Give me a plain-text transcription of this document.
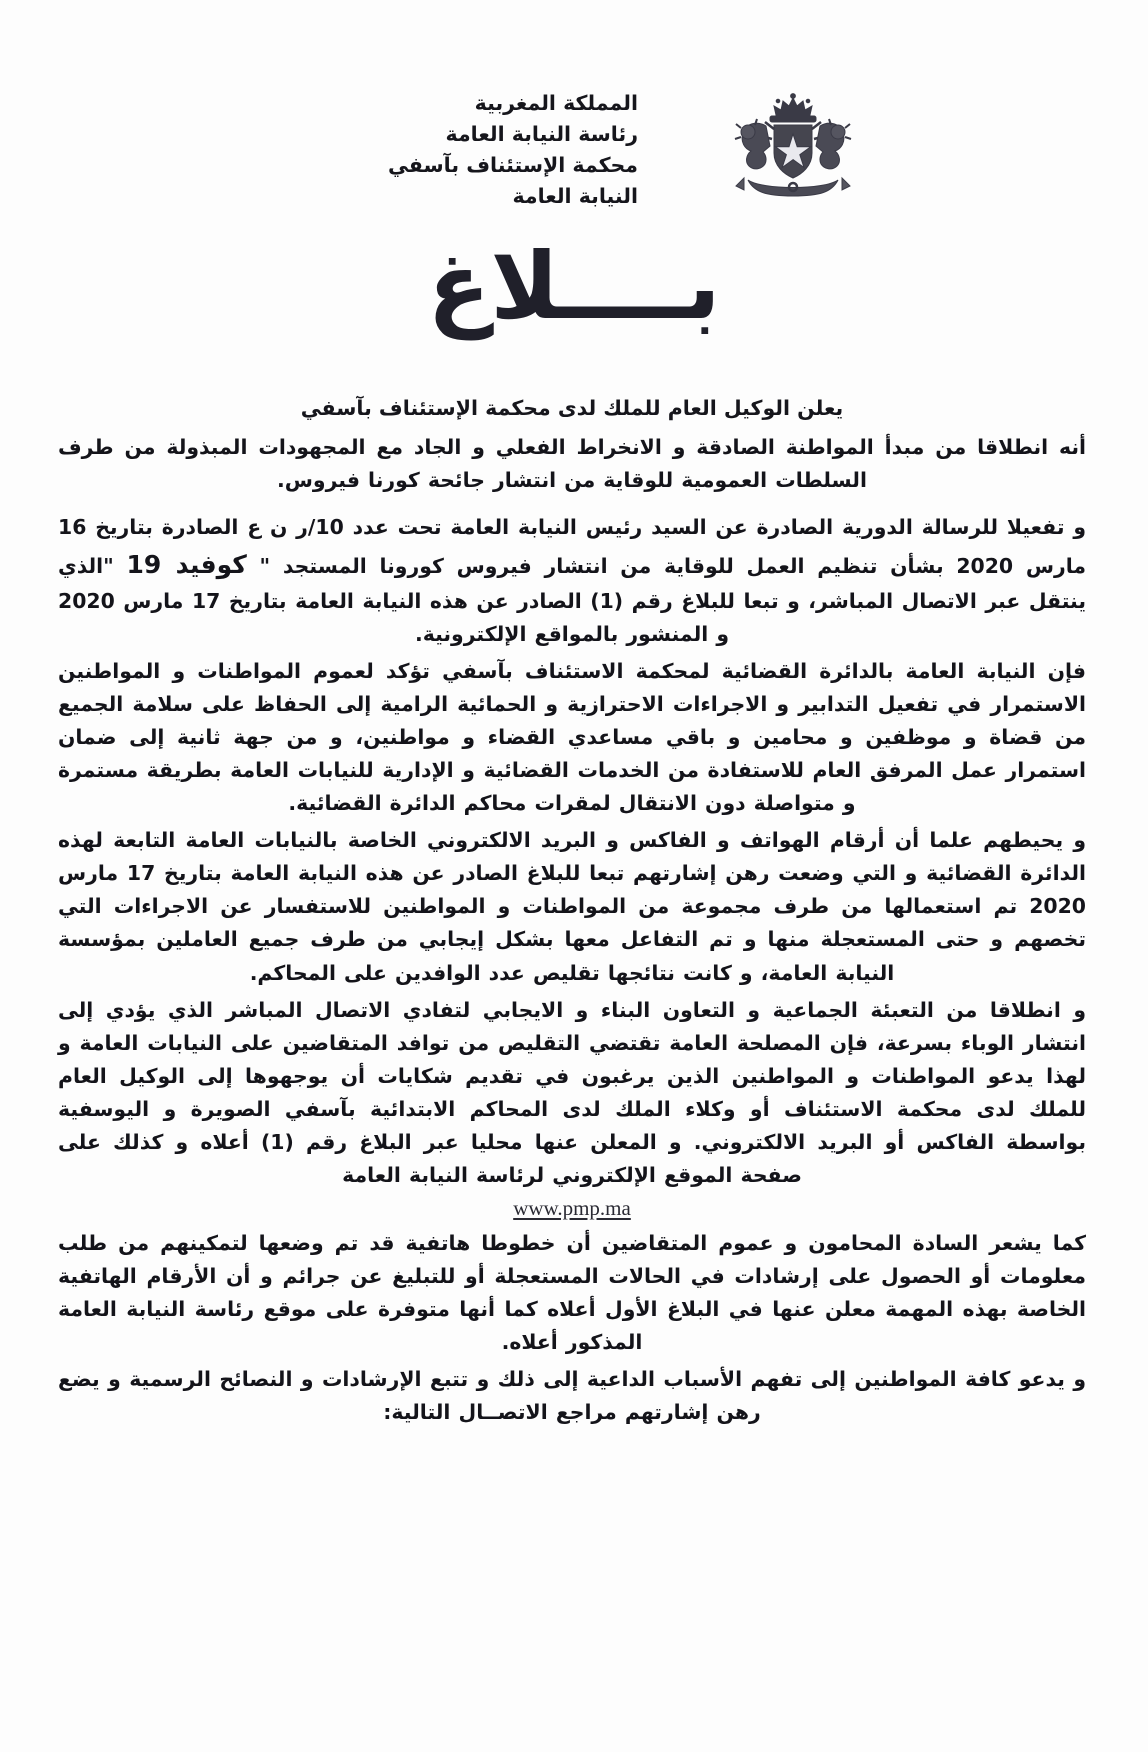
المملكة المغربية
رئاسة النيابة العامة
محكمة الإستئناف بآسفي
النيابة العامة
بــــلاغ
يعلن الوكيل العام للملك لدى محكمة الإستئناف بآسفي

أنه انطلاقا من مبدأ المواطنة الصادقة و الانخراط الفعلي و الجاد مع المجهودات المبذولة من طرف السلطات العمومية للوقاية من انتشار جائحة كورنا فيروس.

و تفعيلا للرسالة الدورية الصادرة عن السيد رئيس النيابة العامة تحت عدد 10/ر ن ع الصادرة بتاريخ 16 مارس 2020 بشأن تنظيم العمل للوقاية من انتشار فيروس كورونا المستجد " كوفيد 19 "الذي ينتقل عبر الاتصال المباشر، و تبعا للبلاغ رقم (1) الصادر عن هذه النيابة العامة بتاريخ 17 مارس 2020 و المنشور بالمواقع الإلكترونية.

فإن النيابة العامة بالدائرة القضائية لمحكمة الاستئناف بآسفي تؤكد لعموم المواطنات و المواطنين الاستمرار في تفعيل التدابير و الاجراءات الاحترازية و الحمائية الرامية إلى الحفاظ على سلامة الجميع من قضاة و موظفين و محامين و باقي مساعدي القضاء و مواطنين، و من جهة ثانية إلى ضمان استمرار عمل المرفق العام للاستفادة من الخدمات القضائية و الإدارية للنيابات العامة بطريقة مستمرة و متواصلة دون الانتقال لمقرات محاكم الدائرة القضائية.

و يحيطهم علما أن أرقام الهواتف و الفاكس و البريد الالكتروني الخاصة بالنيابات العامة التابعة لهذه الدائرة القضائية و التي وضعت رهن إشارتهم تبعا للبلاغ الصادر عن هذه النيابة العامة بتاريخ 17 مارس 2020 تم استعمالها من طرف مجموعة من المواطنات و المواطنين للاستفسار عن الاجراءات التي تخصهم و حتى المستعجلة منها و تم التفاعل معها بشكل إيجابي من طرف جميع العاملين بمؤسسة النيابة العامة، و كانت نتائجها تقليص عدد الوافدين على المحاكم.

و انطلاقا من التعبئة الجماعية و التعاون البناء و الايجابي لتفادي الاتصال المباشر الذي يؤدي إلى انتشار الوباء بسرعة، فإن المصلحة العامة تقتضي التقليص من توافد المتقاضين على النيابات العامة و لهذا يدعو المواطنات و المواطنين الذين يرغبون في تقديم شكايات أن يوجهوها إلى الوكيل العام للملك لدى محكمة الاستئناف أو وكلاء الملك لدى المحاكم الابتدائية بآسفي الصويرة و اليوسفية بواسطة الفاكس أو البريد الالكتروني. و المعلن عنها محليا عبر البلاغ رقم (1) أعلاه و كذلك على صفحة الموقع الإلكتروني لرئاسة النيابة العامة

www.pmp.ma

كما يشعر السادة المحامون و عموم المتقاضين أن خطوطا هاتفية قد تم وضعها لتمكينهم من طلب معلومات أو الحصول على إرشادات في الحالات المستعجلة أو للتبليغ عن جرائم و أن الأرقام الهاتفية الخاصة بهذه المهمة معلن عنها في البلاغ الأول أعلاه كما أنها متوفرة على موقع رئاسة النيابة العامة المذكور أعلاه.

و يدعو كافة المواطنين إلى تفهم الأسباب الداعية إلى ذلك و تتبع الإرشادات و النصائح الرسمية و يضع رهن إشارتهم مراجع الاتصــال التالية:
